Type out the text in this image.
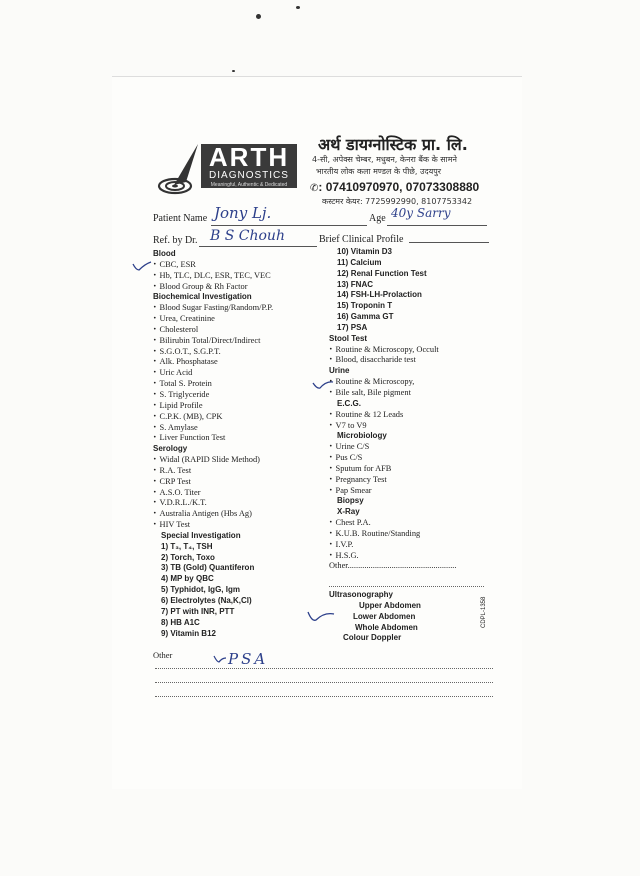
ARTH
DIAGNOSTICS
Meaningful, Authentic & Dedicated
अर्थ डायग्नोस्टिक प्रा. लि.
4-सी, अपेक्स चेम्बर, मधुबन, केनरा बैंक के सामने
भारतीय लोक कला मण्डल के पीछे, उदयपुर
✆: 07410970970, 07073308880
कस्टमर केयर: 7725992990, 8107753342
Patient Name	Age
Ref. by Dr.	Brief Clinical Profile
Jony Lj.	40y Sarry
B S Chouh
PSA
Blood
• CBC, ESR
• Hb, TLC, DLC, ESR, TEC, VEC
• Blood Group & Rh Factor
Biochemical Investigation
• Blood Sugar Fasting/Random/P.P.
• Urea, Creatinine
• Cholesterol
• Bilirubin Total/Direct/Indirect
• S.G.O.T., S.G.P.T.
• Alk. Phosphatase
• Uric Acid
• Total S. Protein
• S. Triglyceride
• Lipid Profile
• C.P.K. (MB), CPK
• S. Amylase
• Liver Function Test
Serology
• Widal (RAPID Slide Method)
• R.A. Test
• CRP Test
• A.S.O. Titer
• V.D.R.L./K.T.
• Australia Antigen (Hbs Ag)
• HIV Test
Special Investigation
1) T₃, T₄, TSH
2) Torch, Toxo
3) TB (Gold) Quantiferon
4) MP by QBC
5) Typhidot, IgG, Igm
6) Electrolytes (Na,K,Cl)
7) PT with INR, PTT
8) HB A1C
9) Vitamin B12
10) Vitamin D3
11) Calcium
12) Renal Function Test
13) FNAC
14) FSH-LH-Prolaction
15) Troponin T
16) Gamma GT
17) PSA
Stool Test
• Routine & Microscopy, Occult
• Blood, disaccharide test
Urine
• Routine & Microscopy,
• Bile salt, Bile pigment
E.C.G.
• Routine & 12 Leads
• V7 to V9
Microbiology
• Urine C/S
• Pus C/S
• Sputum for AFB
• Pregnancy Test
• Pap Smear
Biopsy
X-Ray
• Chest P.A.
• K.U.B. Routine/Standing
• I.V.P.
• H.S.G.
Other....................................................
Ultrasonography
Upper Abdomen
Lower Abdomen
Whole Abdomen
Colour Doppler
Other
CDPL-1358
